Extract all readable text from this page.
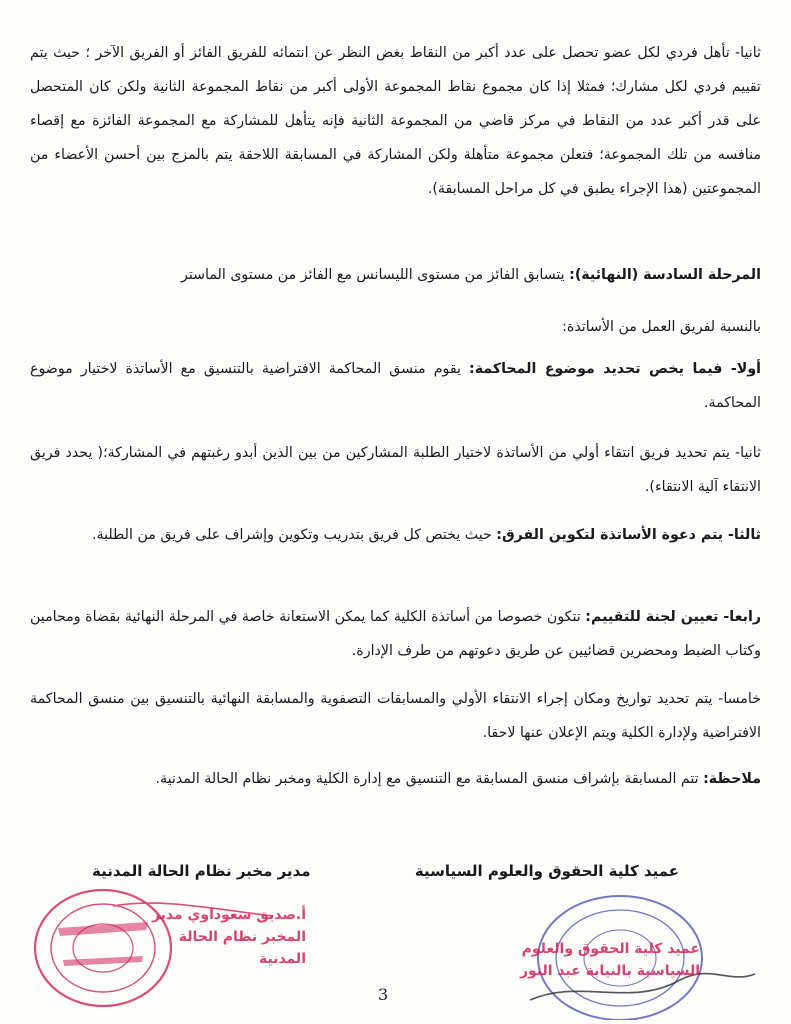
ثانيا- تأهل فردي لكل عضو تحصل على عدد أكبر من النقاط بغض النظر عن انتمائه للفريق الفائز أو الفريق الآخر ؛ حيث يتم تقييم فردي لكل مشارك؛ فمثلا إذا كان مجموع نقاط المجموعة الأولى أكبر من نقاط المجموعة الثانية ولكن كان المتحصل على قدر أكبر عدد من النقاط في مركز قاضي من المجموعة الثانية فإنه يتأهل للمشاركة مع المجموعة الفائزة مع إقصاء منافسه من تلك المجموعة؛ فتعلن مجموعة متأهلة ولكن المشاركة في المسابقة اللاحقة يتم بالمزج بين أحسن الأعضاء من المجموعتين (هذا الإجراء يطبق في كل مراحل المسابقة).
المرحلة السادسة (النهائية): يتسابق الفائز من مستوى الليسانس مع الفائز من مستوى الماستر
بالنسبة لفريق العمل من الأساتذة:
أولا- فيما يخص تحديد موضوع المحاكمة: يقوم منسق المحاكمة الافتراضية بالتنسيق مع الأساتذة لاختيار موضوع المحاكمة.
ثانيا- يتم تحديد فريق انتقاء أولي من الأساتذة لاختيار الطلبة المشاركين من بين الذين أبدو رغبتهم في المشاركة؛( يحدد فريق الانتقاء آلية الانتقاء).
ثالثا- يتم دعوة الأساتذة لتكوين الفرق: حيث يختص كل فريق بتدريب وتكوين وإشراف على فريق من الطلبة.
رابعا- تعيين لجنة للتقييم: تتكون خصوصا من أساتذة الكلية كما يمكن الاستعانة خاصة في المرحلة النهائية بقضاة ومحامين وكتاب الضبط ومحضرين قضائيين عن طريق دعوتهم من طرف الإدارة.
خامسا- يتم تحديد تواريخ ومكان إجراء الانتقاء الأولي والمسابقات التصفوية والمسابقة النهائية بالتنسيق بين منسق المحاكمة الافتراضية ولإدارة الكلية ويتم الإعلان عنها لاحقا.
ملاحظة: تتم المسابقة بإشراف منسق المسابقة مع التنسيق مع إدارة الكلية ومخبر نظام الحالة المدنية.
مدير مخبر نظام الحالة المدنية	عميد كلية الحقوق والعلوم السياسية
أ.صديق سعوداوي مدير المخبر نظام الحالة المدنية
عميد كلية الحقوق والعلوم السياسية بالنيابة عبد النور
3
